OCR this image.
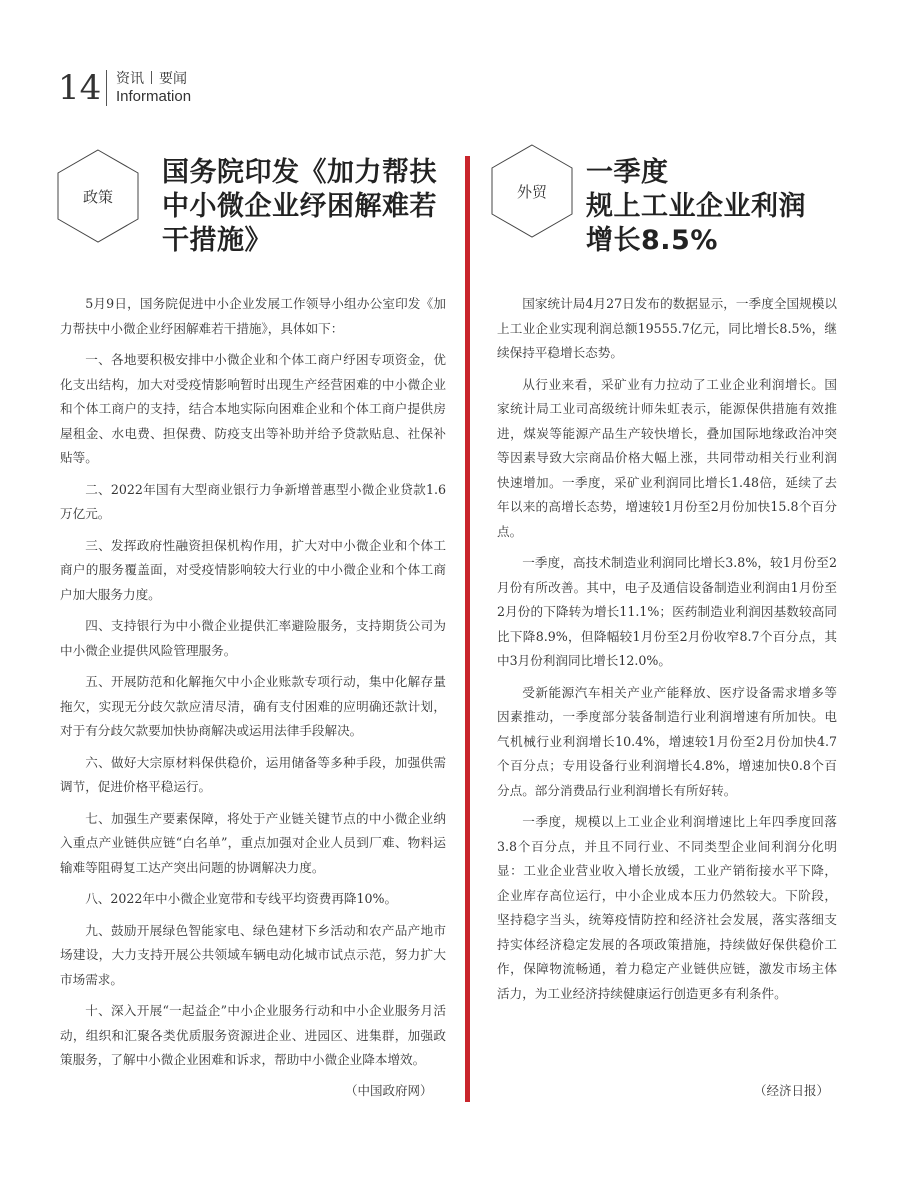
14 资讯 要闻
Information
政策
国务院印发《加力帮扶
中小微企业纾困解难若
干措施》

5月9日，国务院促进中小企业发展工作领导小组办公室印发《加力帮扶中小微企业纾困解难若干措施》，具体如下：

一、各地要积极安排中小微企业和个体工商户纾困专项资金，优化支出结构，加大对受疫情影响暂时出现生产经营困难的中小微企业和个体工商户的支持，结合本地实际向困难企业和个体工商户提供房屋租金、水电费、担保费、防疫支出等补助并给予贷款贴息、社保补贴等。

二、2022年国有大型商业银行力争新增普惠型小微企业贷款1.6万亿元。

三、发挥政府性融资担保机构作用，扩大对中小微企业和个体工商户的服务覆盖面，对受疫情影响较大行业的中小微企业和个体工商户加大服务力度。

四、支持银行为中小微企业提供汇率避险服务，支持期货公司为中小微企业提供风险管理服务。

五、开展防范和化解拖欠中小企业账款专项行动，集中化解存量拖欠，实现无分歧欠款应清尽清，确有支付困难的应明确还款计划，对于有分歧欠款要加快协商解决或运用法律手段解决。

六、做好大宗原材料保供稳价，运用储备等多种手段，加强供需调节，促进价格平稳运行。

七、加强生产要素保障，将处于产业链关键节点的中小微企业纳入重点产业链供应链“白名单”，重点加强对企业人员到厂难、物料运输难等阻碍复工达产突出问题的协调解决力度。

八、2022年中小微企业宽带和专线平均资费再降10%。

九、鼓励开展绿色智能家电、绿色建材下乡活动和农产品产地市场建设，大力支持开展公共领域车辆电动化城市试点示范，努力扩大市场需求。

十、深入开展“一起益企”中小企业服务行动和中小企业服务月活动，组织和汇聚各类优质服务资源进企业、进园区、进集群，加强政策服务，了解中小微企业困难和诉求，帮助中小微企业降本增效。

（中国政府网）
外贸
一季度
规上工业企业利润
增长8.5%

国家统计局4月27日发布的数据显示，一季度全国规模以上工业企业实现利润总额19555.7亿元，同比增长8.5%，继续保持平稳增长态势。

从行业来看，采矿业有力拉动了工业企业利润增长。国家统计局工业司高级统计师朱虹表示，能源保供措施有效推进，煤炭等能源产品生产较快增长，叠加国际地缘政治冲突等因素导致大宗商品价格大幅上涨，共同带动相关行业利润快速增加。一季度，采矿业利润同比增长1.48倍，延续了去年以来的高增长态势，增速较1月份至2月份加快15.8个百分点。

一季度，高技术制造业利润同比增长3.8%，较1月份至2月份有所改善。其中，电子及通信设备制造业利润由1月份至2月份的下降转为增长11.1%；医药制造业利润因基数较高同比下降8.9%，但降幅较1月份至2月份收窄8.7个百分点，其中3月份利润同比增长12.0%。

受新能源汽车相关产业产能释放、医疗设备需求增多等因素推动，一季度部分装备制造行业利润增速有所加快。电气机械行业利润增长10.4%，增速较1月份至2月份加快4.7个百分点；专用设备行业利润增长4.8%，增速加快0.8个百分点。部分消费品行业利润增长有所好转。

一季度，规模以上工业企业利润增速比上年四季度回落3.8个百分点，并且不同行业、不同类型企业间利润分化明显：工业企业营业收入增长放缓，工业产销衔接水平下降，企业库存高位运行，中小企业成本压力仍然较大。下阶段，坚持稳字当头，统筹疫情防控和经济社会发展，落实落细支持实体经济稳定发展的各项政策措施，持续做好保供稳价工作，保障物流畅通，着力稳定产业链供应链，激发市场主体活力，为工业经济持续健康运行创造更多有利条件。

（经济日报）
